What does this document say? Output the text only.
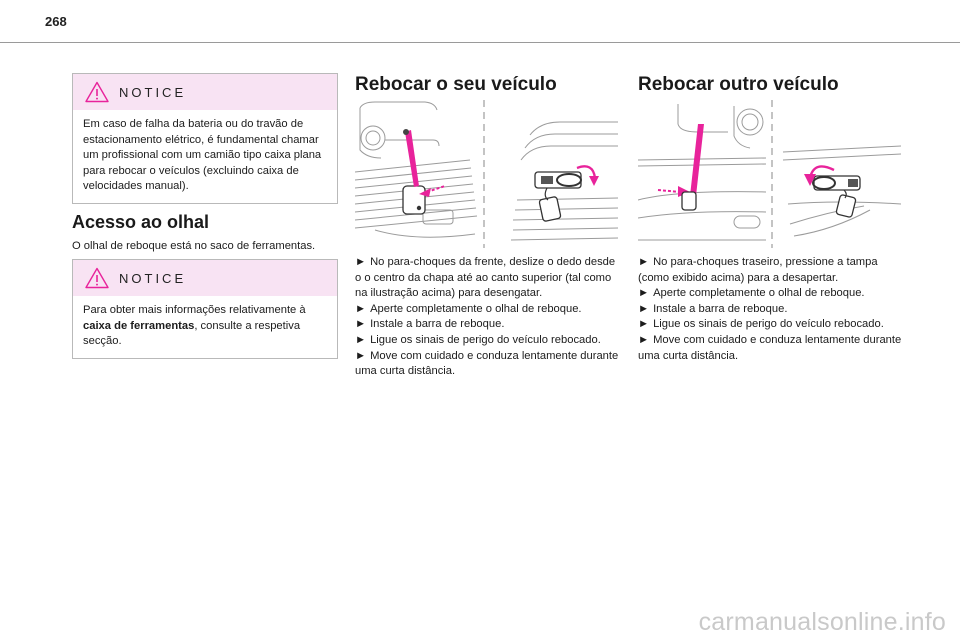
268
NOTICE
Em caso de falha da bateria ou do travão de estacionamento elétrico, é fundamental chamar um profissional com um camião tipo caixa plana para rebocar o veículos (excluindo caixa de velocidades manual).
Acesso ao olhal
O olhal de reboque está no saco de ferramentas.
NOTICE
Para obter mais informações relativamente à caixa de ferramentas, consulte a respetiva secção.
Rebocar o seu veículo
► No para-choques da frente, deslize o dedo desde o o centro da chapa até ao canto superior (tal como na ilustração acima) para desengatar.
► Aperte completamente o olhal de reboque.
► Instale a barra de reboque.
► Ligue os sinais de perigo do veículo rebocado.
► Move com cuidado e conduza lentamente durante uma curta distância.
Rebocar outro veículo
► No para-choques traseiro, pressione a tampa (como exibido acima) para a desapertar.
► Aperte completamente o olhal de reboque.
► Instale a barra de reboque.
► Ligue os sinais de perigo do veículo rebocado.
► Move com cuidado e conduza lentamente durante uma curta distância.
carmanualsonline.info
